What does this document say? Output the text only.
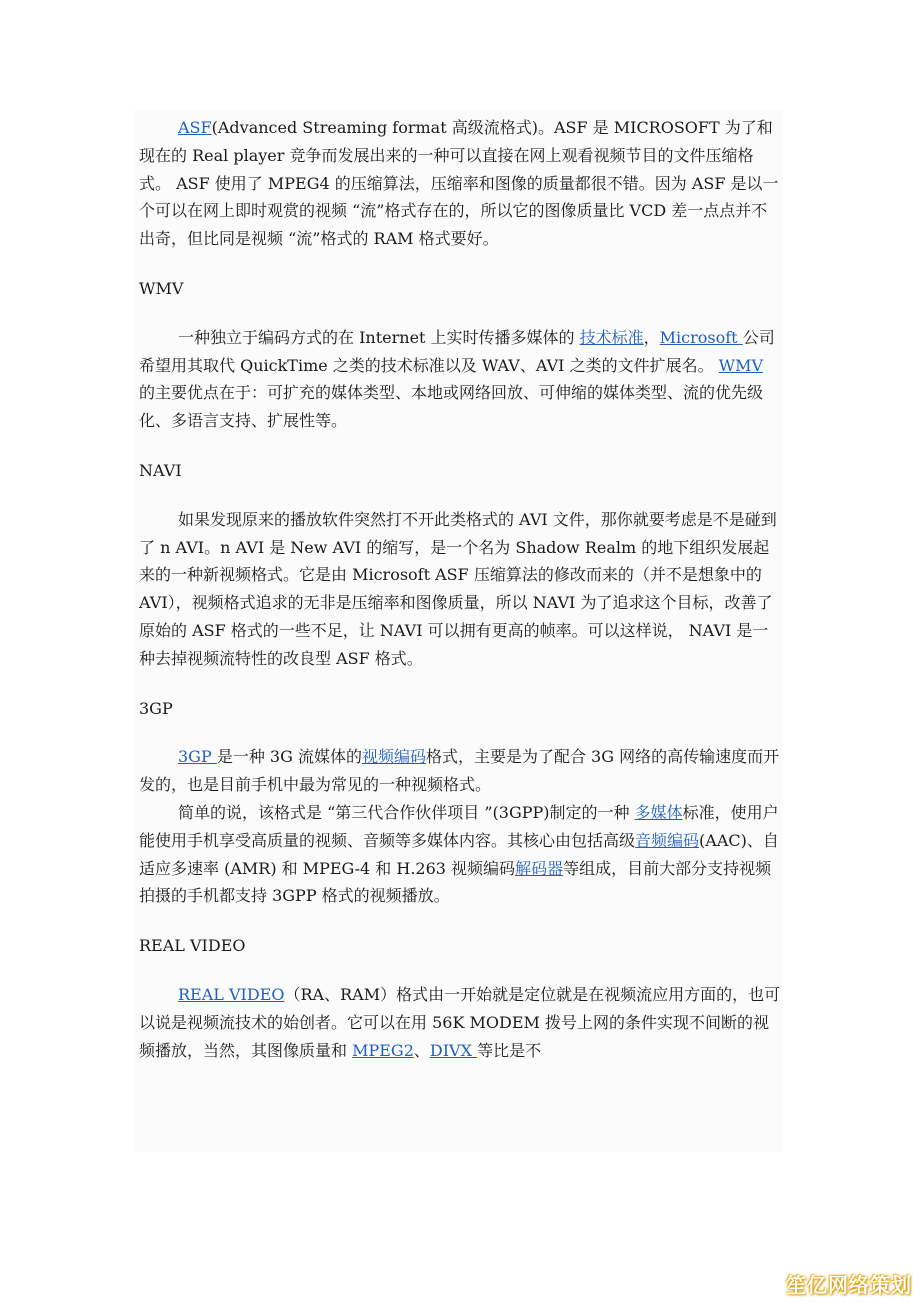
ASF(Advanced Streaming format 高级流格式)。ASF 是 MICROSOFT 为了和现在的 Real player 竞争而发展出来的一种可以直接在网上观看视频节目的文件压缩格式。 ASF 使用了 MPEG4 的压缩算法，压缩率和图像的质量都很不错。因为 ASF 是以一个可以在网上即时观赏的视频 “流”格式存在的，所以它的图像质量比 VCD 差一点点并不出奇，但比同是视频 “流”格式的 RAM 格式要好。

WMV

一种独立于编码方式的在 Internet 上实时传播多媒体的 技术标准，Microsoft 公司希望用其取代 QuickTime 之类的技术标准以及 WAV、AVI 之类的文件扩展名。 WMV 的主要优点在于：可扩充的媒体类型、本地或网络回放、可伸缩的媒体类型、流的优先级化、多语言支持、扩展性等。

NAVI

如果发现原来的播放软件突然打不开此类格式的 AVI 文件，那你就要考虑是不是碰到了 n AVI。n AVI 是 New AVI 的缩写，是一个名为 Shadow Realm 的地下组织发展起来的一种新视频格式。它是由 Microsoft ASF 压缩算法的修改而来的（并不是想象中的 AVI），视频格式追求的无非是压缩率和图像质量，所以 NAVI 为了追求这个目标，改善了原始的 ASF 格式的一些不足，让 NAVI 可以拥有更高的帧率。可以这样说， NAVI 是一种去掉视频流特性的改良型 ASF 格式。

3GP

3GP 是一种 3G 流媒体的视频编码格式，主要是为了配合 3G 网络的高传输速度而开发的，也是目前手机中最为常见的一种视频格式。

简单的说，该格式是 “第三代合作伙伴项目 ”(3GPP)制定的一种 多媒体标准，使用户能使用手机享受高质量的视频、音频等多媒体内容。其核心由包括高级音频编码(AAC)、自适应多速率 (AMR) 和 MPEG-4 和 H.263 视频编码解码器等组成，目前大部分支持视频拍摄的手机都支持 3GPP 格式的视频播放。

REAL VIDEO

REAL VIDEO（RA、RAM）格式由一开始就是定位就是在视频流应用方面的，也可以说是视频流技术的始创者。它可以在用 56K MODEM 拨号上网的条件实现不间断的视频播放，当然，其图像质量和 MPEG2、DIVX 等比是不

笙亿网络策划
